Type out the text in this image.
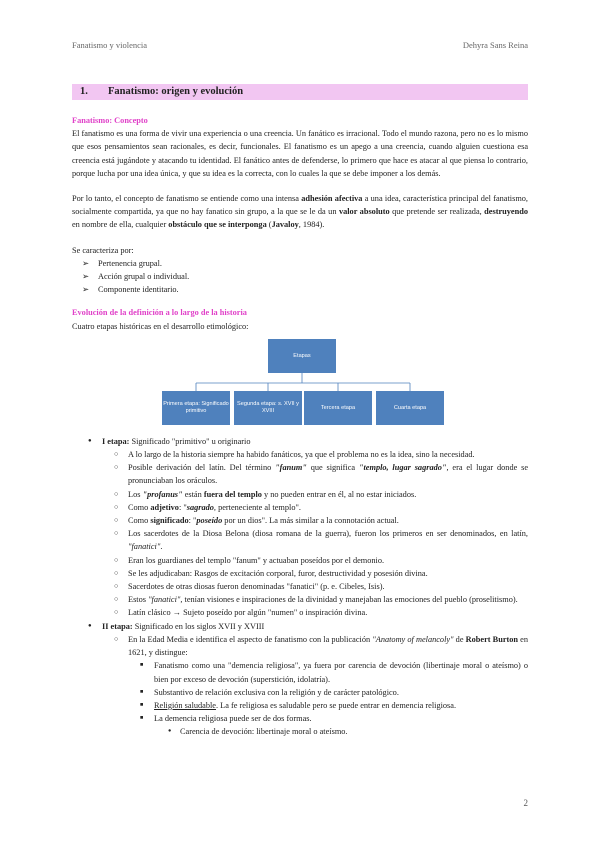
Fanatismo y violencia	Dehyra Sans Reina
1.	Fanatismo: origen y evolución
Fanatismo: Concepto

El fanatismo es una forma de vivir una experiencia o una creencia. Un fanático es irracional. Todo el mundo razona, pero no es lo mismo que esos pensamientos sean racionales, es decir, funcionales. El fanatismo es un apego a una creencia, cuando alguien cuestiona esa creencia está jugándote y atacando tu identidad. El fanático antes de defenderse, lo primero que hace es atacar al que piensa lo contrario, porque lucha por una idea única, y que su idea es la correcta, con lo cuales la que se debe imponer a los demás.

Por lo tanto, el concepto de fanatismo se entiende como una intensa adhesión afectiva a una idea, característica principal del fanatismo, socialmente compartida, ya que no hay fanatico sin grupo, a la que se le da un valor absoluto que pretende ser realizada, destruyendo en nombre de ella, cualquier obstáculo que se interponga (Javaloy, 1984).

Se caracteriza por:
➢ Pertenencia grupal.
➢ Acción grupal o individual.
➢ Componente identitario.
Evolución de la definición a lo largo de la historia
Cuatro etapas históricas en el desarrollo etimológico:
Etapas
Primera etapa: Significado primitivo
Segunda etapa: s. XVII y XVIII
Tercera etapa	Cuarta etapa
● I etapa: Significado "primitivo" u originario
○ A lo largo de la historia siempre ha habido fanáticos, ya que el problema no es la idea, sino la necesidad.
○ Posible derivación del latín. Del término "fanum" que significa "templo, lugar sagrado", era el lugar donde se pronunciaban los oráculos.
○ Los "profanus" están fuera del templo y no pueden entrar en él, al no estar iniciados.
○ Como adjetivo: "sagrado, perteneciente al templo".
○ Como significado: "poseído por un dios". La más similar a la connotación actual.
○ Los sacerdotes de la Diosa Belona (diosa romana de la guerra), fueron los primeros en ser denominados, en latín, "fanatici".
○ Eran los guardianes del templo "fanum" y actuaban poseídos por el demonio.
○ Se les adjudicaban: Rasgos de excitación corporal, furor, destructividad y posesión divina.
○ Sacerdotes de otras diosas fueron denominadas "fanatici" (p. e. Cibeles, Isis).
○ Estos "fanatici", tenían visiones e inspiraciones de la divinidad y manejaban las emociones del pueblo (proselitismo).
○ Latín clásico → Sujeto poseído por algún "numen" o inspiración divina.
● II etapa: Significado en los siglos XVII y XVIII
○ En la Edad Media e identifica el aspecto de fanatismo con la publicación "Anatomy of melancoly" de Robert Burton en 1621, y distingue:
■ Fanatismo como una "demencia religiosa", ya fuera por carencia de devoción (libertinaje moral o ateísmo) o bien por exceso de devoción (superstición, idolatría).
■ Substantivo de relación exclusiva con la religión y de carácter patológico.
■ Religión saludable. La fe religiosa es saludable pero se puede entrar en demencia religiosa.
■ La demencia religiosa puede ser de dos formas.
● Carencia de devoción: libertinaje moral o ateísmo.
2
